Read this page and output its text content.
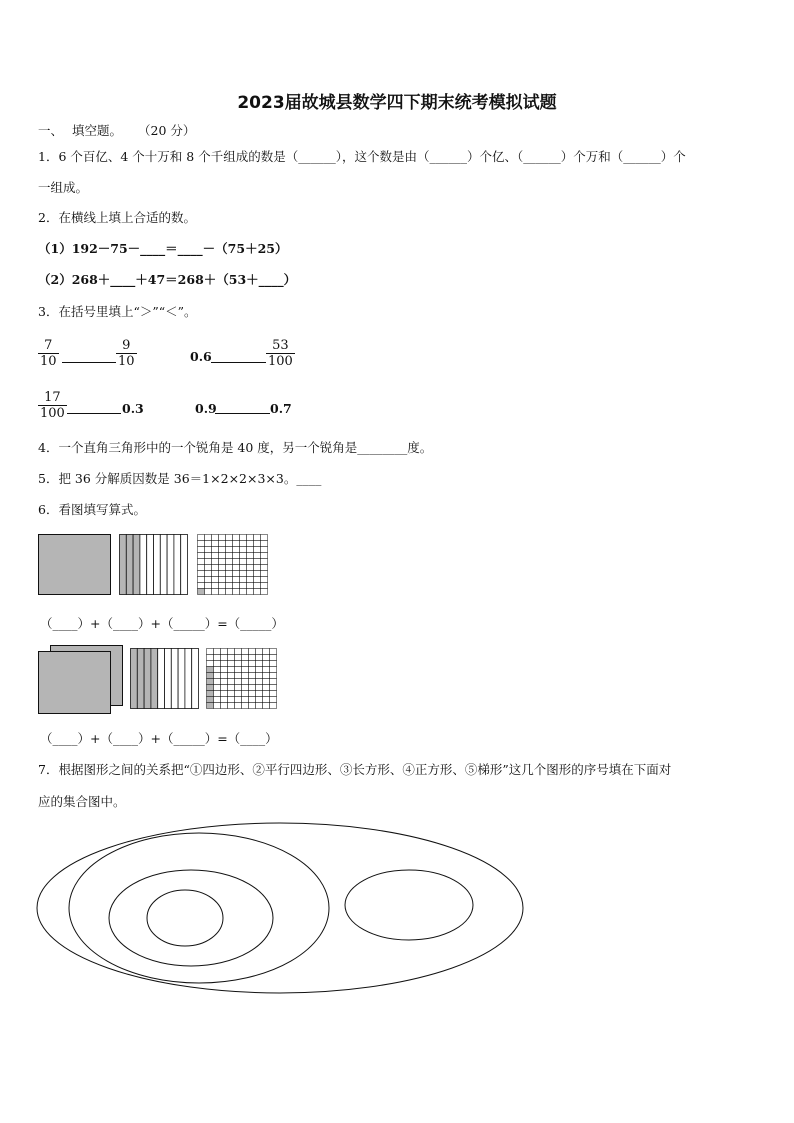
2023届故城县数学四下期末统考模拟试题
一、 填空题。 （20 分）
1．6 个百亿、4 个十万和 8 个千组成的数是（______），这个数是由（______）个亿、（______）个万和（______）个
一组成。
2．在横线上填上合适的数。
（1）192－75－____＝____－（75＋25）
（2）268＋____＋47＝268＋（53＋____）
3．在括号里填上“＞”“＜”。
$\frac{7}{10}$	$\frac{9}{10}$	0.6	$\frac{53}{100}$
$\frac{17}{100}$	0.3	0.9	0.7
4．一个直角三角形中的一个锐角是 40 度，另一个锐角是________度。
5．把 36 分解质因数是 36＝1×2×2×3×3。____
6．看图填写算式。
（____）+（____）+（_____）=（_____）
（____）+（____）+（_____）=（____）
7．根据图形之间的关系把“①四边形、②平行四边形、③长方形、④正方形、⑤梯形”这几个图形的序号填在下面对
应的集合图中。
